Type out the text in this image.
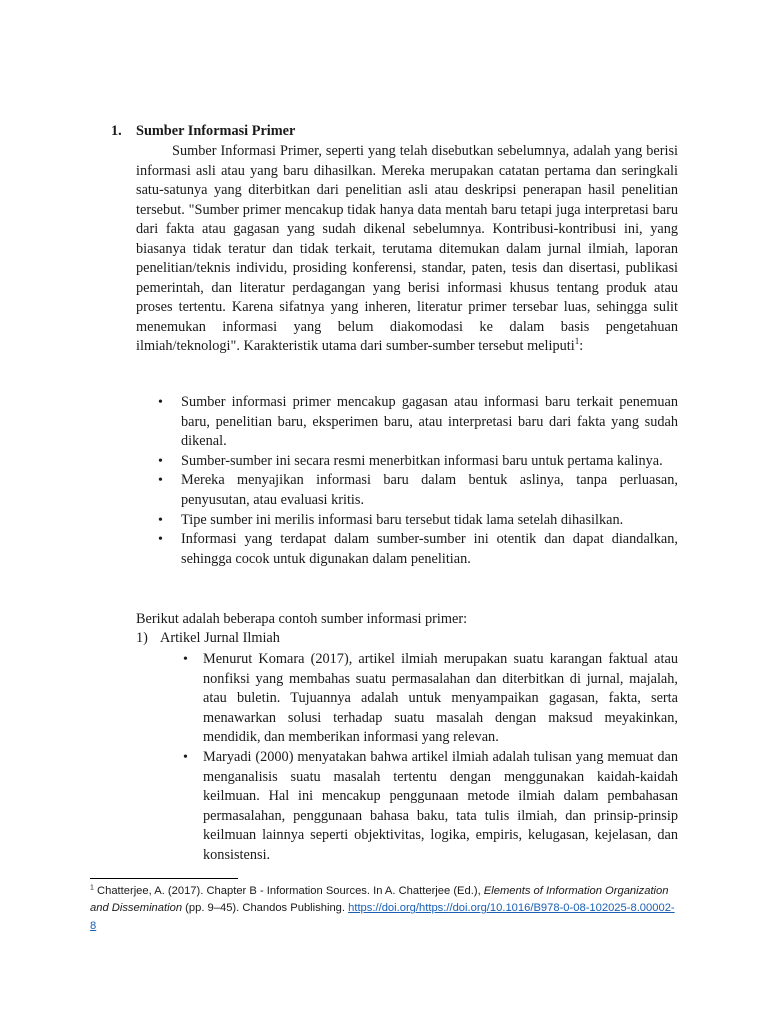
1. Sumber Informasi Primer

Sumber Informasi Primer, seperti yang telah disebutkan sebelumnya, adalah yang berisi informasi asli atau yang baru dihasilkan. Mereka merupakan catatan pertama dan seringkali satu-satunya yang diterbitkan dari penelitian asli atau deskripsi penerapan hasil penelitian tersebut. "Sumber primer mencakup tidak hanya data mentah baru tetapi juga interpretasi baru dari fakta atau gagasan yang sudah dikenal sebelumnya. Kontribusi-kontribusi ini, yang biasanya tidak teratur dan tidak terkait, terutama ditemukan dalam jurnal ilmiah, laporan penelitian/teknis individu, prosiding konferensi, standar, paten, tesis dan disertasi, publikasi pemerintah, dan literatur perdagangan yang berisi informasi khusus tentang produk atau proses tertentu. Karena sifatnya yang inheren, literatur primer tersebar luas, sehingga sulit menemukan informasi yang belum diakomodasi ke dalam basis pengetahuan ilmiah/teknologi". Karakteristik utama dari sumber-sumber tersebut meliputi$^1$:

• Sumber informasi primer mencakup gagasan atau informasi baru terkait penemuan baru, penelitian baru, eksperimen baru, atau interpretasi baru dari fakta yang sudah dikenal.
• Sumber-sumber ini secara resmi menerbitkan informasi baru untuk pertama kalinya.
• Mereka menyajikan informasi baru dalam bentuk aslinya, tanpa perluasan, penyusutan, atau evaluasi kritis.
• Tipe sumber ini merilis informasi baru tersebut tidak lama setelah dihasilkan.
• Informasi yang terdapat dalam sumber-sumber ini otentik dan dapat diandalkan, sehingga cocok untuk digunakan dalam penelitian.

Berikut adalah beberapa contoh sumber informasi primer:

1) Artikel Jurnal Ilmiah

• Menurut Komara (2017), artikel ilmiah merupakan suatu karangan faktual atau nonfiksi yang membahas suatu permasalahan dan diterbitkan di jurnal, majalah, atau buletin. Tujuannya adalah untuk menyampaikan gagasan, fakta, serta menawarkan solusi terhadap suatu masalah dengan maksud meyakinkan, mendidik, dan memberikan informasi yang relevan.
• Maryadi (2000) menyatakan bahwa artikel ilmiah adalah tulisan yang memuat dan menganalisis suatu masalah tertentu dengan menggunakan kaidah-kaidah keilmuan. Hal ini mencakup penggunaan metode ilmiah dalam pembahasan permasalahan, penggunaan bahasa baku, tata tulis ilmiah, dan prinsip-prinsip keilmuan lainnya seperti objektivitas, logika, empiris, kelugasan, kejelasan, dan konsistensi.
$^1$ Chatterjee, A. (2017). Chapter B - Information Sources. In A. Chatterjee (Ed.), Elements of Information Organization and Dissemination (pp. 9–45). Chandos Publishing. https://doi.org/https://doi.org/10.1016/B978-0-08-102025-8.00002-8
